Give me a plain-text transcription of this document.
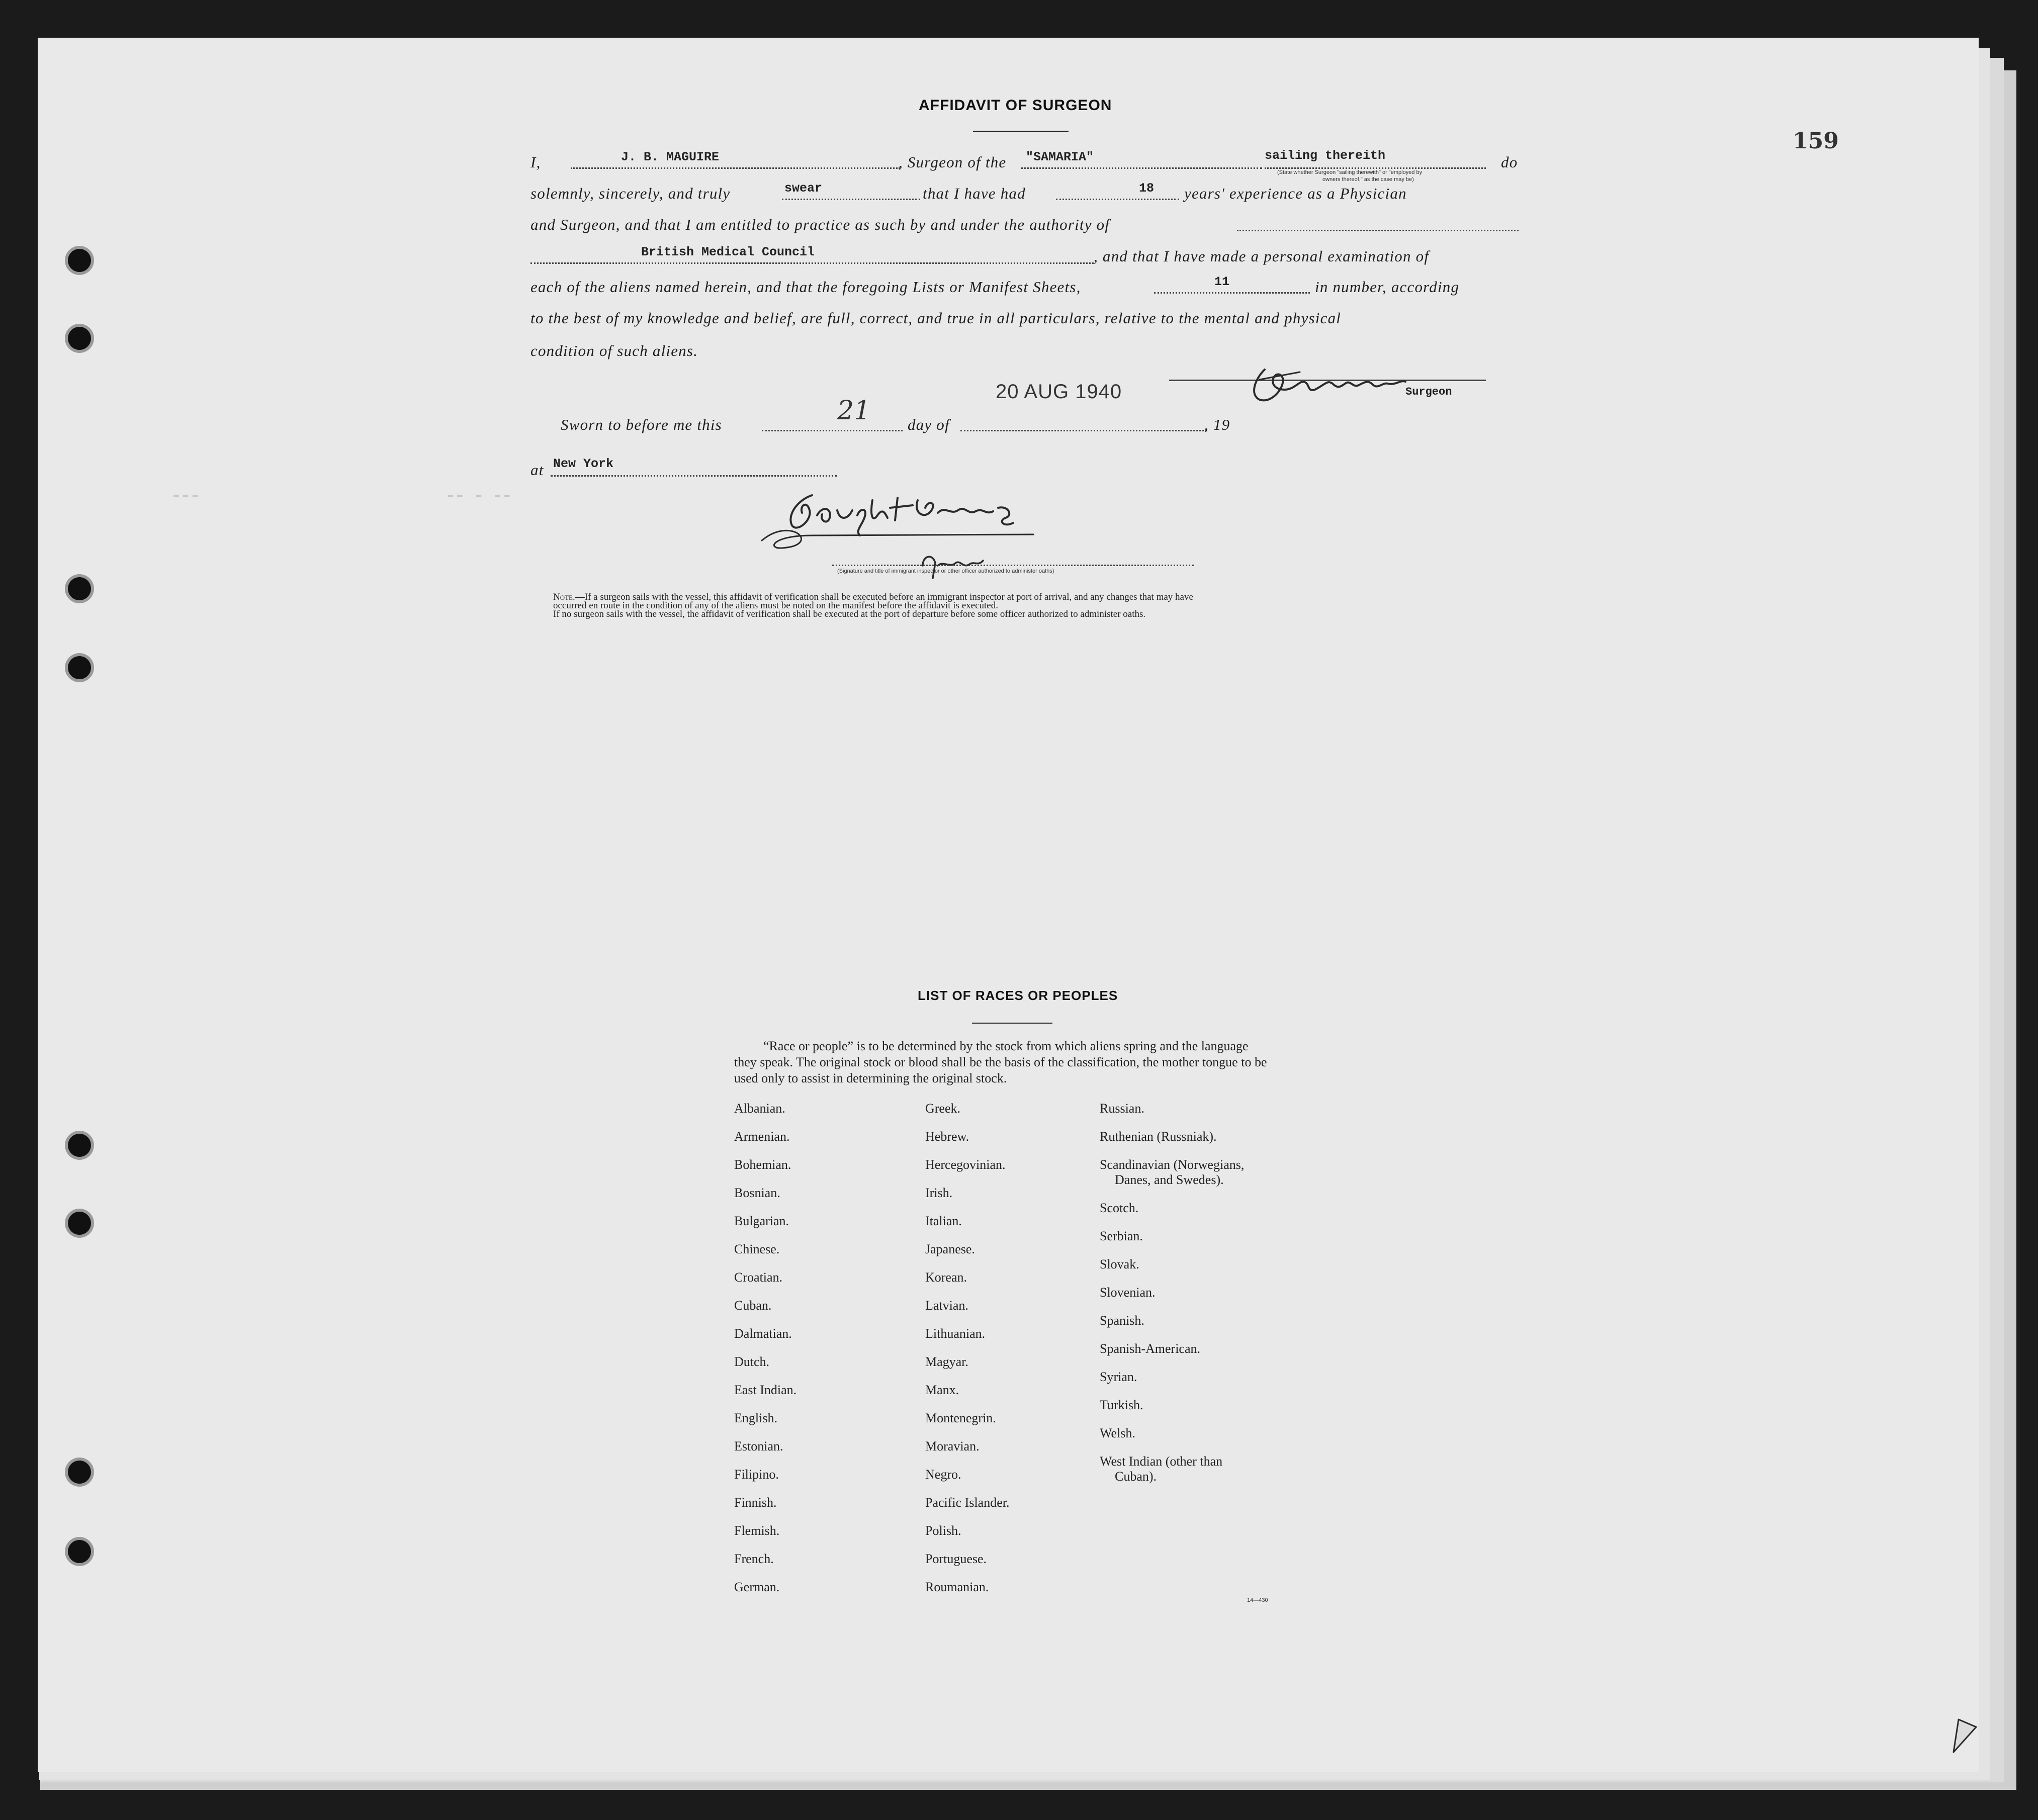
159
AFFIDAVIT OF SURGEON
I,	J. B. MAGUIRE	, Surgeon of the "SAMARIA"	sailing thereith
(State whether Surgeon "sailing therewith" or "employed by
owners thereof," as the case may be)
do
solemnly, sincerely, and truly	swear	that I have had	18 years' experience as a Physician
and Surgeon, and that I am entitled to practice as such by and under the authority of
British Medical Council	, and that I have made a personal examination of
each of the aliens named herein, and that the foregoing Lists or Manifest Sheets,	11	in number, according
to the best of my knowledge and belief, are full, correct, and true in all particulars, relative to the mental and physical
condition of such aliens.
Surgeon
Sworn to before me this	21 day of
20 AUG 1940
, 19
at New York
(Signature and title of immigrant inspector or other officer authorized to administer oaths)
Note.—If a surgeon sails with the vessel, this affidavit of verification shall be executed before an immigrant inspector at port of arrival, and any changes that may have
occurred en route in the condition of any of the aliens must be noted on the manifest before the affidavit is executed.
If no surgeon sails with the vessel, the affidavit of verification shall be executed at the port of departure before some officer authorized to administer oaths.
▬▬▬                          ▬▬ ▬ ▬▬
LIST OF RACES OR PEOPLES
“Race or people” is to be determined by the stock from which aliens spring and the language they speak. The original stock or blood shall be the basis of the classification, the mother tongue to be used only to assist in determining the original stock.
Albanian.
Armenian.
Bohemian.
Bosnian.
Bulgarian.
Chinese.
Croatian.
Cuban.
Dalmatian.
Dutch.
East Indian.
English.
Estonian.
Filipino.
Finnish.
Flemish.
French.
German.
Greek.
Hebrew.
Hercegovinian.
Irish.
Italian.
Japanese.
Korean.
Latvian.
Lithuanian.
Magyar.
Manx.
Montenegrin.
Moravian.
Negro.
Pacific Islander.
Polish.
Portuguese.
Roumanian.
Russian.
Ruthenian (Russniak).
Scandinavian (Norwegians,
Danes, and Swedes).
Scotch.
Serbian.
Slovak.
Slovenian.
Spanish.
Spanish-American.
Syrian.
Turkish.
Welsh.
West Indian (other than
Cuban).
14—430
